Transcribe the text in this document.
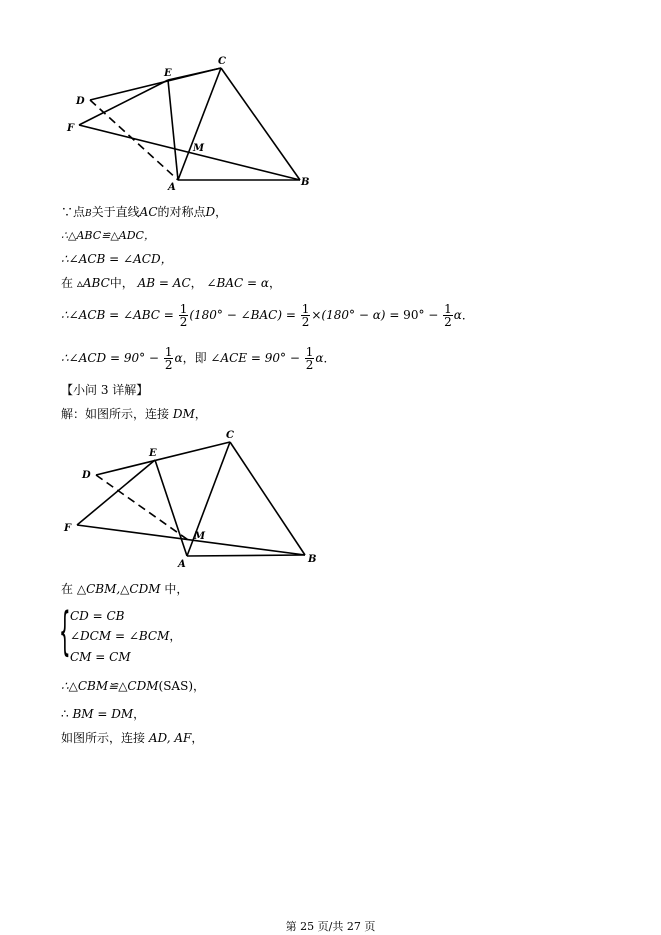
C
E
D
F
M
A	B
∵点B关于直线AC的对称点D，
∴△ABC≌△ADC，
∴∠ACB = ∠ACD，
在 ▵ABC中， AB = AC， ∠BAC = α，
∴∠ACB = ∠ABC = $\frac{1}{2} (180^\circ$ − ∠BAC) = $\frac{1}{2} \times(180^\circ - \alpha) = 90^\circ - \frac{1}{2}$ α．
∴∠ACD = $90^\circ - \frac{1}{2}$ α，即 ∠ACE = $90^\circ - \frac{1}{2}$ α．
【小问 3 详解】
解：如图所示，连接 DM，
C
E
D
F
M
A	B
在 △CBM,△CDM 中，
{ CD = CB
∠DCM = ∠BCM，
CM = CM
∴△CBM≌△CDM(SAS)，
∴ BM = DM，
如图所示，连接 AD, AF，
第 25 页/共 27 页
